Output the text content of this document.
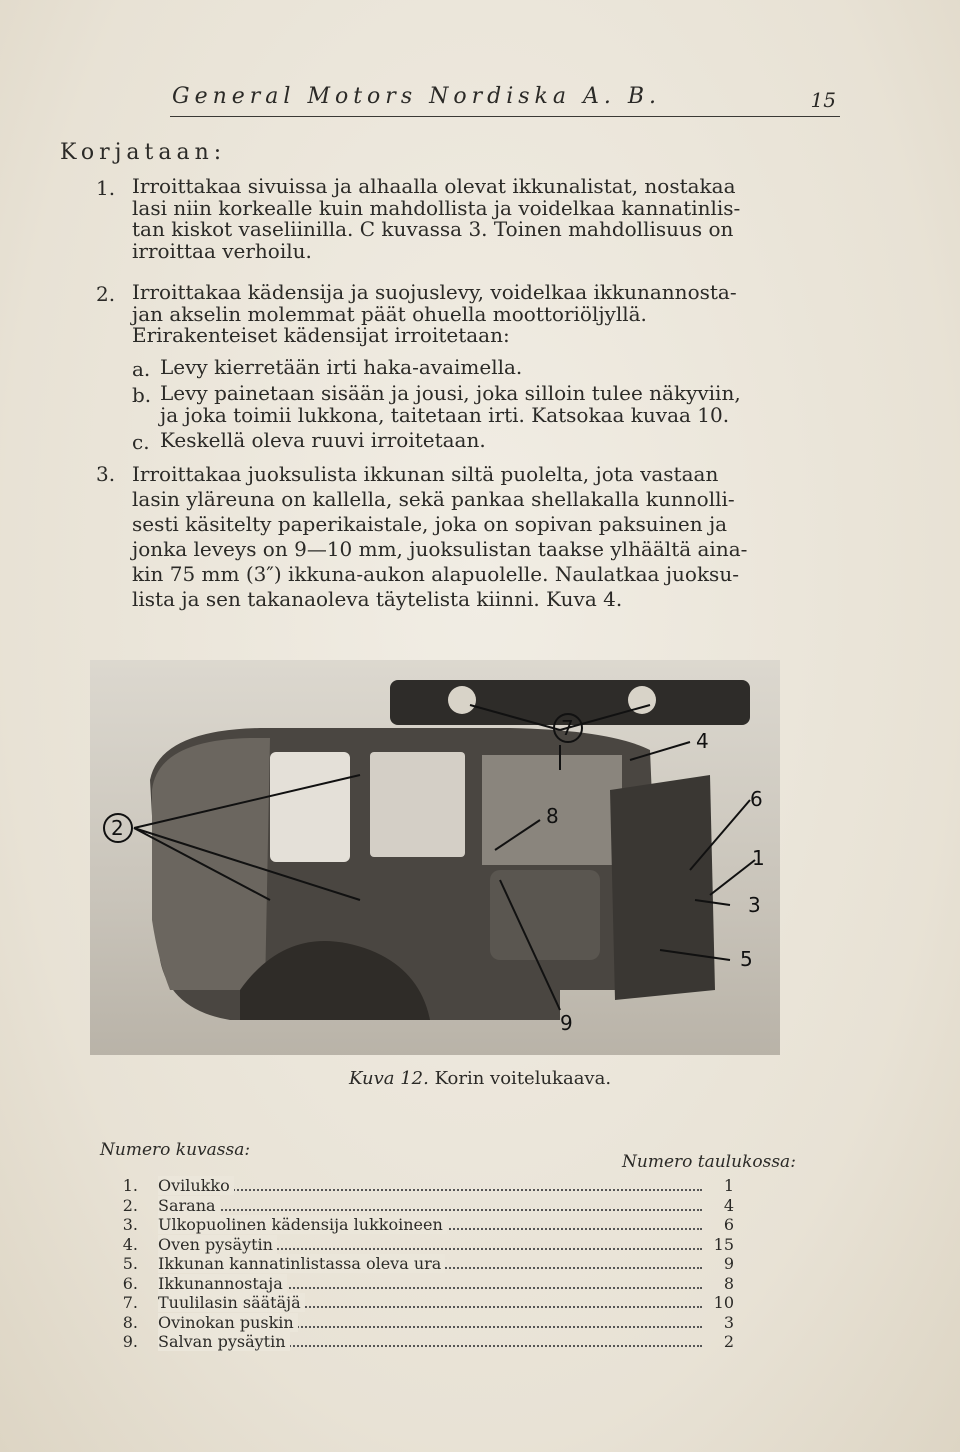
General Motors Nordiska A. B.	15
Korjataan:
1. Irroittakaa sivuissa ja alhaalla olevat ikkunalistat, nostakaa
lasi niin korkealle kuin mahdollista ja voidelkaa kannatinlis-
tan kiskot vaseliinilla. C kuvassa 3. Toinen mahdollisuus on
irroittaa verhoilu.
2. Irroittakaa kädensija ja suojuslevy, voidelkaa ikkunannosta-
jan akselin molemmat päät ohuella moottoriöljyllä.
Erirakenteiset kädensijat irroitetaan:
a. Levy kierretään irti haka-avaimella.
b. Levy painetaan sisään ja jousi, joka silloin tulee näkyviin,
ja joka toimii lukkona, taitetaan irti. Katsokaa kuvaa 10.
c. Keskellä oleva ruuvi irroitetaan.
3. Irroittakaa juoksulista ikkunan siltä puolelta, jota vastaan
lasin yläreuna on kallella, sekä pankaa shellakalla kunnolli-
sesti käsitelty paperikaistale, joka on sopivan paksuinen ja
jonka leveys on 9—10 mm, juoksulistan taakse ylhäältä aina-
kin 75 mm (3″) ikkuna-aukon alapuolelle. Naulatkaa juoksu-
lista ja sen takanaoleva täytelista kiinni. Kuva 4.
2
7
4
6
8
1
3
5
9
Kuva 12. Korin voitelukaava.
Numero kuvassa:
Numero taulukossa:
1. Ovilukko	1
2. Sarana	4
3. Ulkopuolinen kädensija lukkoineen	6
4. Oven pysäytin	15
5. Ikkunan kannatinlistassa oleva ura	9
6. Ikkunannostaja	8
7. Tuulilasin säätäjä	10
8. Ovinokan puskin	3
9. Salvan pysäytin	2
